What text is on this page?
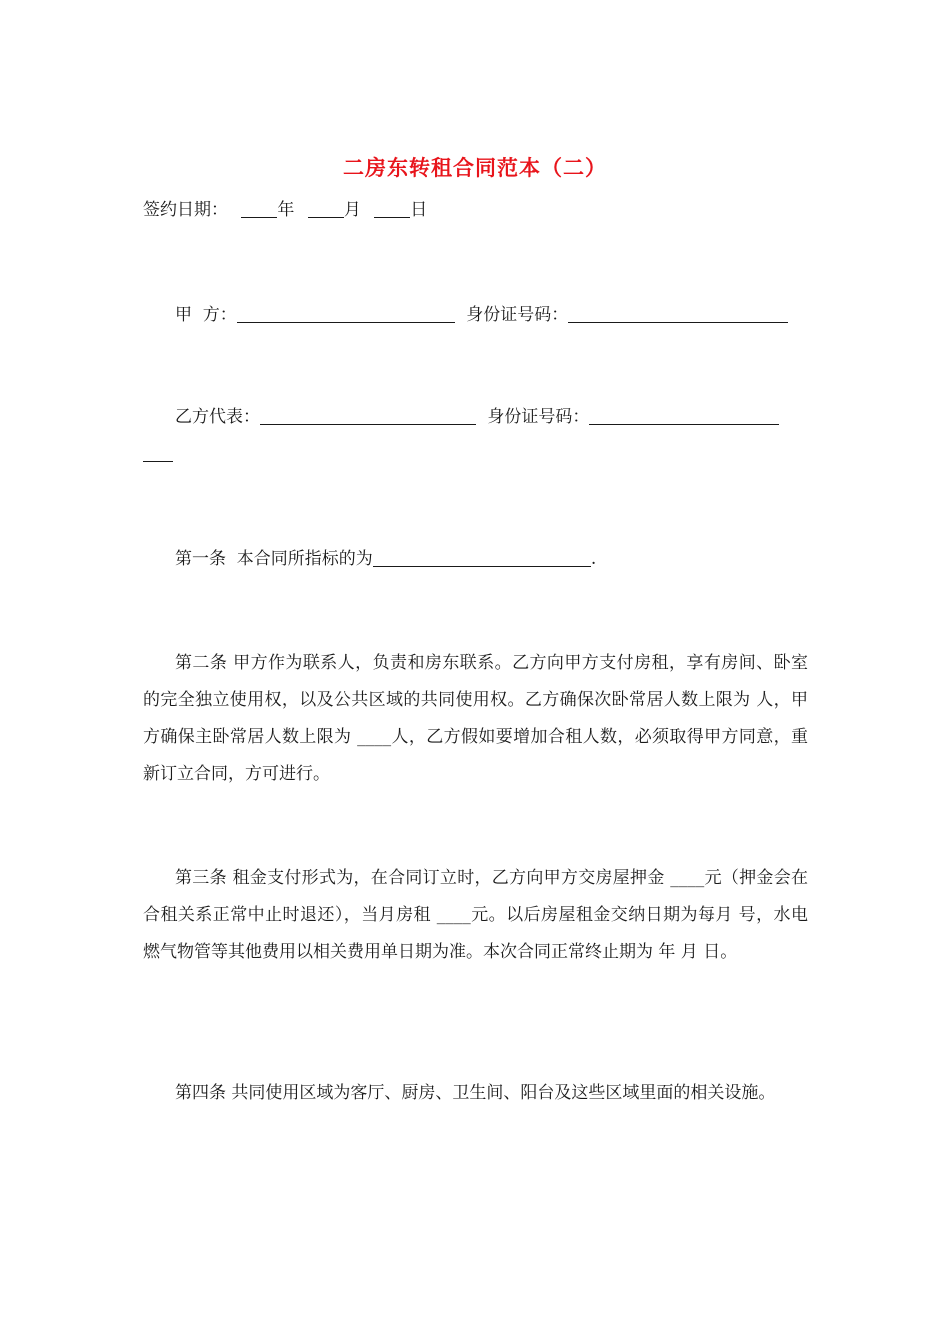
二房东转租合同范本（二）
签约日期：	年	月	日
甲  方：	身份证号码：
乙方代表：	身份证号码：
第一条  本合同所指标的为	.
第二条 甲方作为联系人，负责和房东联系。乙方向甲方支付房租，享有房间、卧室的完全独立使用权，以及公共区域的共同使用权。乙方确保次卧常居人数上限为 人，甲方确保主卧常居人数上限为 ____人，乙方假如要增加合租人数，必须取得甲方同意，重新订立合同，方可进行。
第三条 租金支付形式为，在合同订立时，乙方向甲方交房屋押金 ____元（押金会在合租关系正常中止时退还），当月房租 ____元。以后房屋租金交纳日期为每月 号，水电燃气物管等其他费用以相关费用单日期为准。本次合同正常终止期为 年 月 日。
第四条 共同使用区域为客厅、厨房、卫生间、阳台及这些区域里面的相关设施。
